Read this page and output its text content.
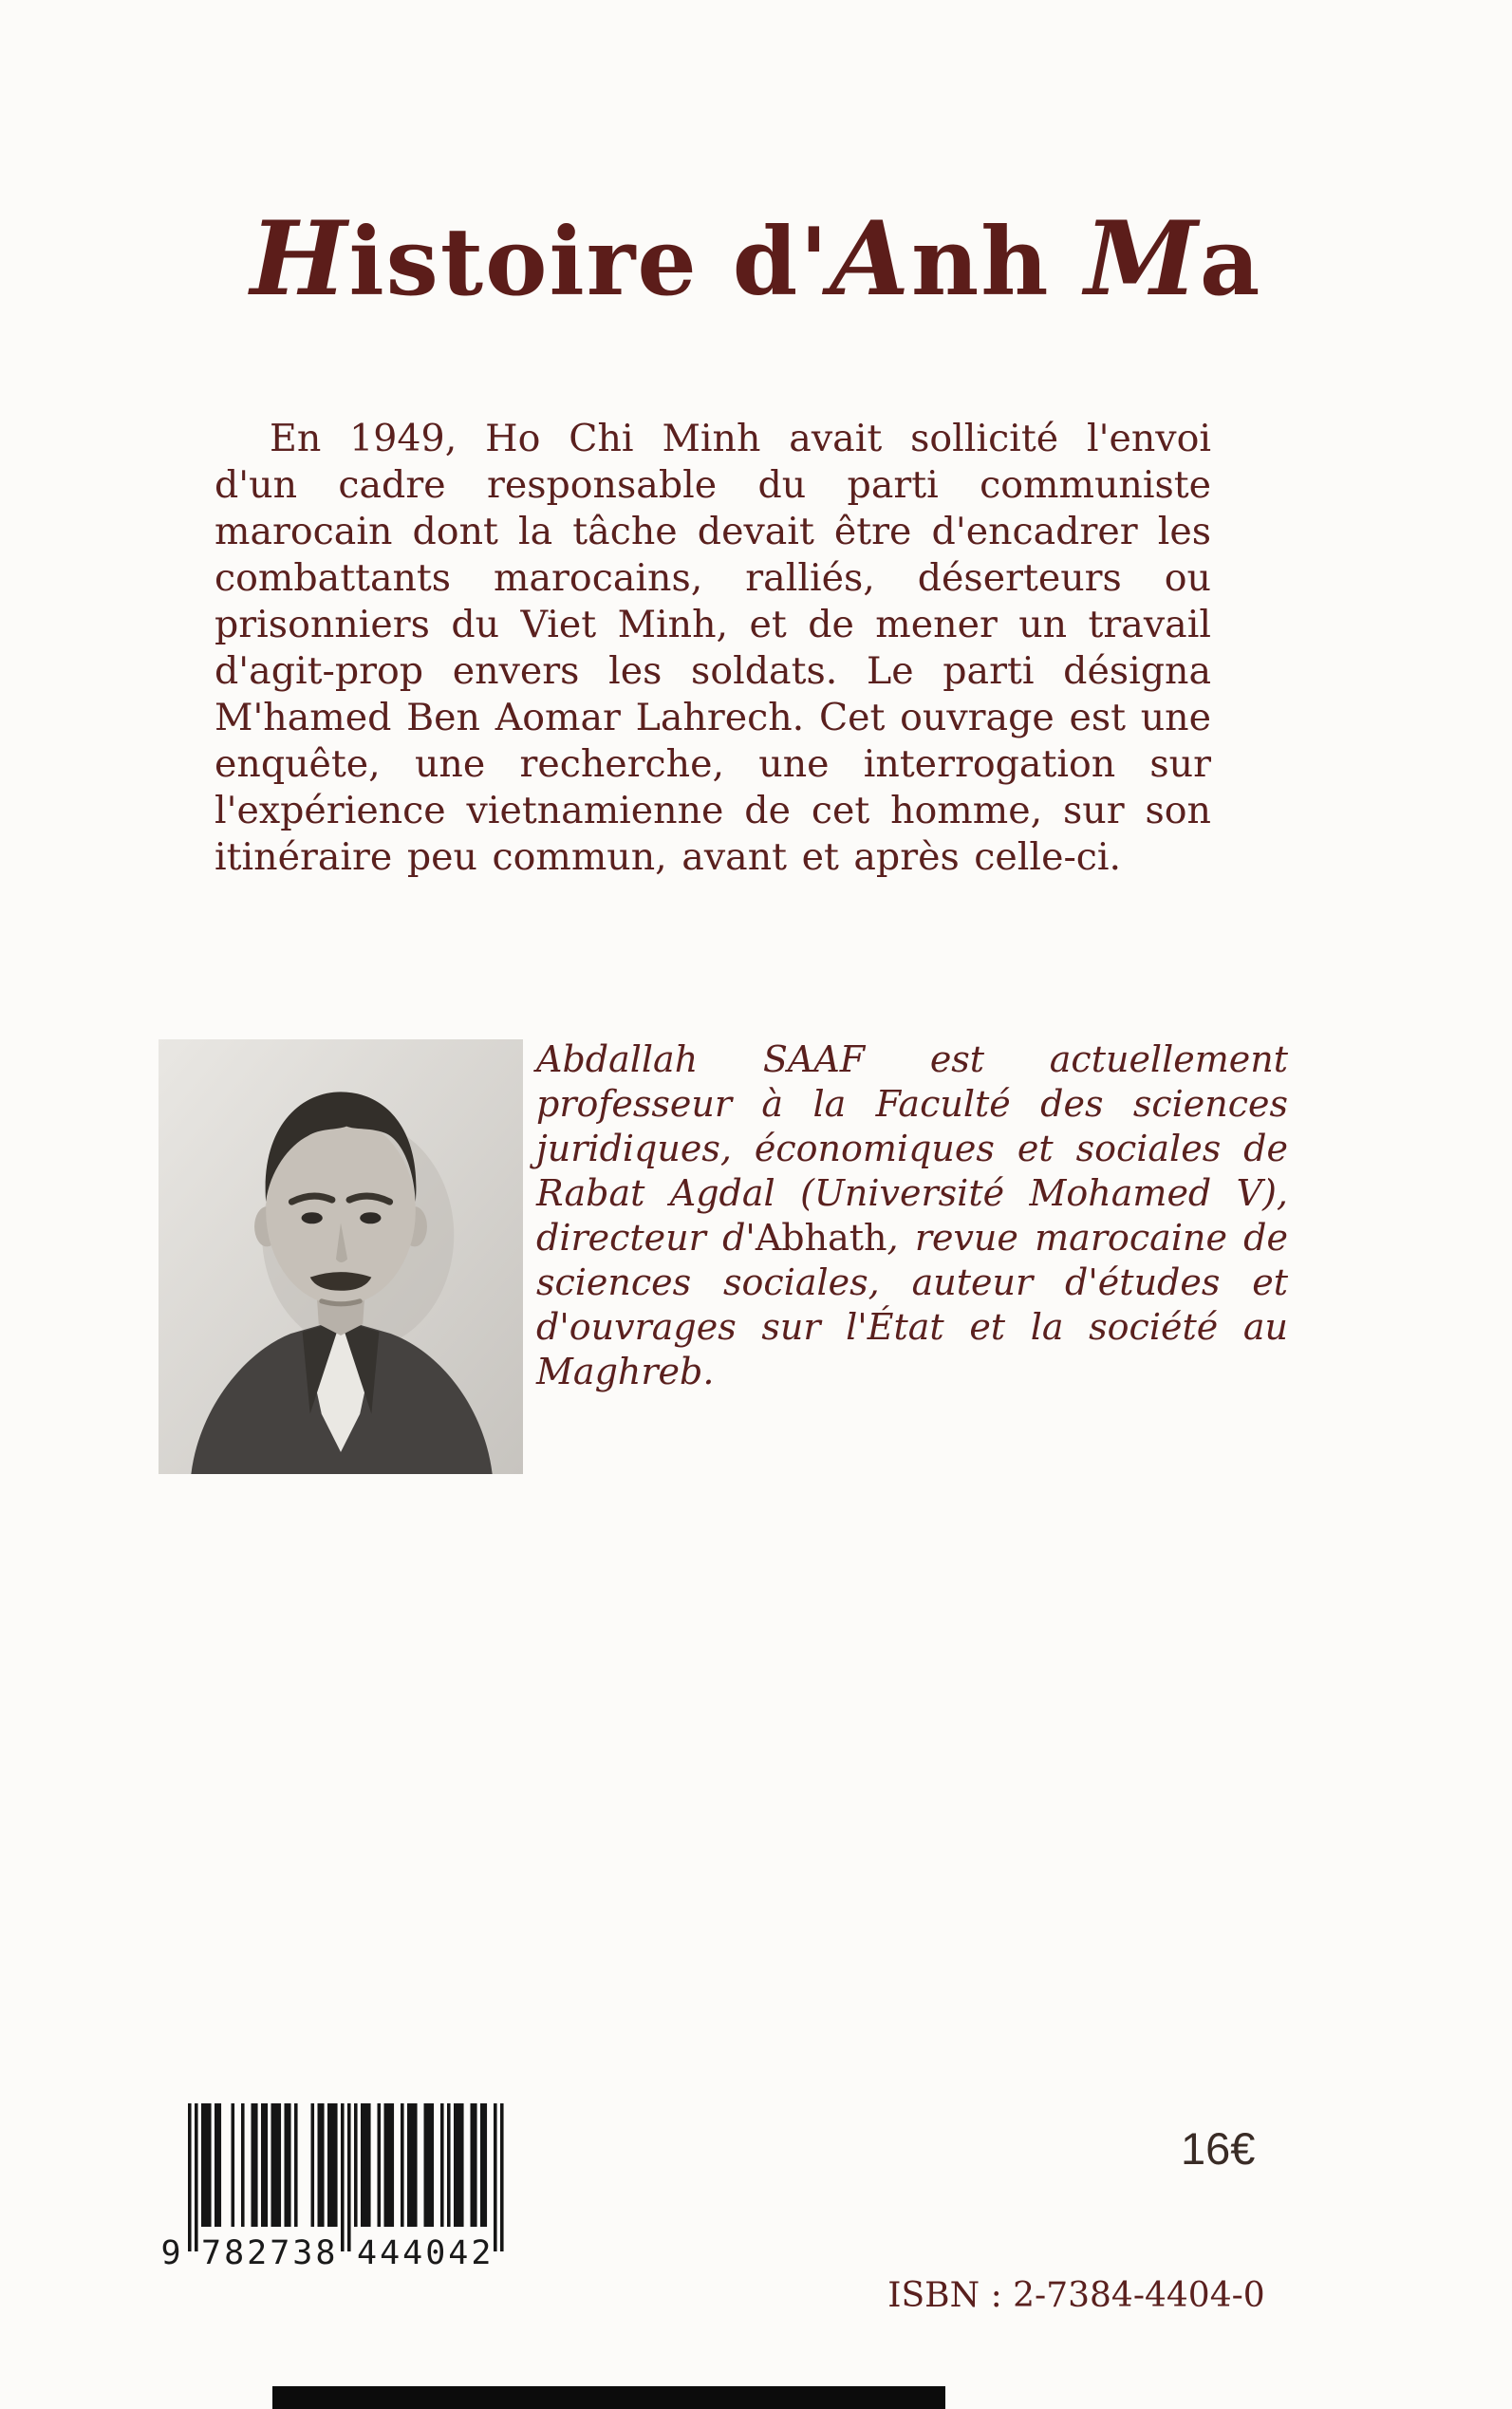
Histoire d'Anh Ma
En 1949, Ho Chi Minh avait sollicité l'envoi d'un cadre responsable du parti communiste marocain dont la tâche devait être d'encadrer les combattants marocains, ralliés, déserteurs ou prisonniers du Viet Minh, et de mener un travail d'agit-prop envers les soldats. Le parti désigna M'hamed Ben Aomar Lahrech. Cet ouvrage est une enquête, une recherche, une interrogation sur l'expérience vietnamienne de cet homme, sur son itinéraire peu commun, avant et après celle-ci.
Abdallah SAAF est actuellement professeur à la Faculté des sciences juridiques, économiques et sociales de Rabat Agdal (Université Mohamed V), directeur d'Abhath, revue marocaine de sciences sociales, auteur d'études et d'ouvrages sur l'État et la société au Maghreb.
9 782738 444042
16€
ISBN : 2-7384-4404-0
